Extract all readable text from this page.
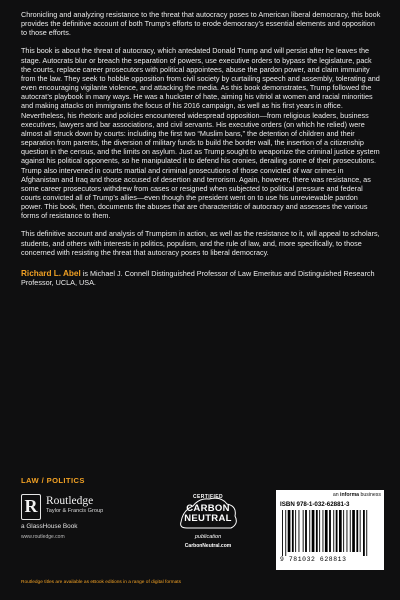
Chronicling and analyzing resistance to the threat that autocracy poses to American liberal democracy, this book provides the definitive account of both Trump’s efforts to erode democracy’s essential elements and opposition to those efforts.

This book is about the threat of autocracy, which antedated Donald Trump and will persist after he leaves the stage. Autocrats blur or breach the separation of powers, use executive orders to bypass the legislature, pack the courts, replace career prosecutors with political appointees, abuse the pardon power, and claim immunity from the law. They seek to hobble opposition from civil society by curtailing speech and assembly, tolerating and even encouraging vigilante violence, and attacking the media. As this book demonstrates, Trump followed the autocrat’s playbook in many ways. He was a huckster of hate, aiming his vitriol at women and racial minorities and making attacks on immigrants the focus of his 2016 campaign, as well as his first years in office. Nevertheless, his rhetoric and policies encountered widespread opposition—from religious leaders, business executives, lawyers and bar associations, and civil servants. His executive orders (on which he relied) were almost all struck down by courts: including the first two “Muslim bans,” the detention of children and their separation from parents, the diversion of military funds to build the border wall, the insertion of a citizenship question in the census, and the limits on asylum. Just as Trump sought to weaponize the criminal justice system against his political opponents, so he manipulated it to defend his cronies, derailing some of their prosecutions. Trump also intervened in courts martial and criminal prosecutions of those convicted of war crimes in Afghanistan and Iraq and those accused of desertion and terrorism. Again, however, there was resistance, as some career prosecutors withdrew from cases or resigned when subjected to political pressure and federal courts convicted all of Trump’s allies—even though the president went on to use his unreviewable pardon power. This book, then, documents the abuses that are characteristic of autocracy and assesses the various forms of resistance to them.

This definitive account and analysis of Trumpism in action, as well as the resistance to it, will appeal to scholars, students, and others with interests in politics, populism, and the rule of law, and, more specifically, to those concerned with resisting the threat that autocracy poses to liberal democracy.

Richard L. Abel is Michael J. Connell Distinguished Professor of Law Emeritus and Distinguished Research Professor, UCLA, USA.

LAW / POLITICS
R Routledge
Taylor & Francis Group
a GlassHouse Book
www.routledge.com
CERTIFIED
CARBON
NEUTRAL
publication
CarbonNeutral.com
an informa business
ISBN 978-1-032-62881-3
9 781032 628813
Routledge titles are available as eBook editions in a range of digital formats
